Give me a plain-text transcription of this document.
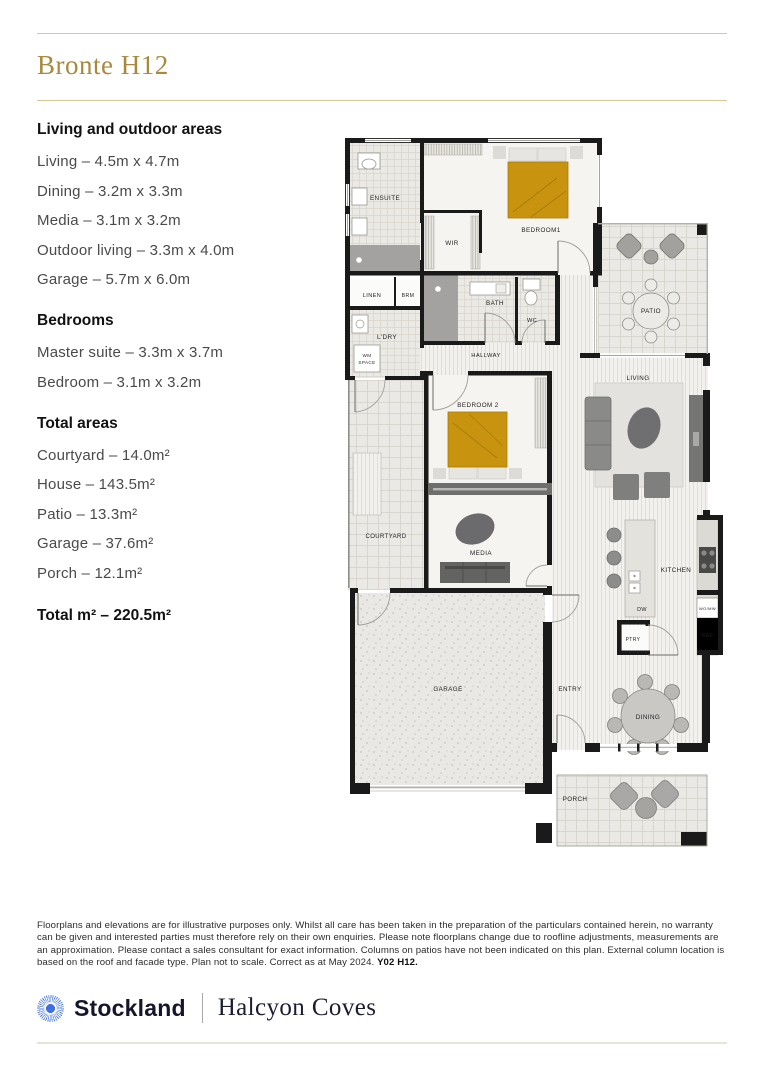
Bronte H12
Living and outdoor areas
Living – 4.5m x 4.7m
Dining – 3.2m x 3.3m
Media – 3.1m x 3.2m
Outdoor living – 3.3m x 4.0m
Garage – 5.7m x 6.0m
Bedrooms
Master suite – 3.3m x 3.7m
Bedroom – 3.1m x 3.2m
Total areas
Courtyard – 14.0m²
House – 143.5m²
Patio – 13.3m²
Garage – 37.6m²
Porch – 12.1m²
Total m² – 220.5m²
ENSUITE
WIR
BEDROOM1
LINEN	BRM
BATH
WC
L'DRY
WM
SPACE
HALLWAY
PATIO
LIVING
BEDROOM 2
COURTYARD
MEDIA
KITCHEN
DW
PTRY
WO/MW
REF
GARAGE	ENTRY
DINING
PORCH
Floorplans and elevations are for illustrative purposes only. Whilst all care has been taken in the preparation of the particulars contained herein, no warranty can be given and interested parties must therefore rely on their own enquiries. Please note floorplans change due to roofline adjustments, measurements are an approximation. Please contact a sales consultant for exact information. Columns on patios have not been indicated on this plan. External column location is based on the roof and facade type. Plan not to scale. Correct as at May 2024. Y02 H12.
Stockland Halcyon Coves
